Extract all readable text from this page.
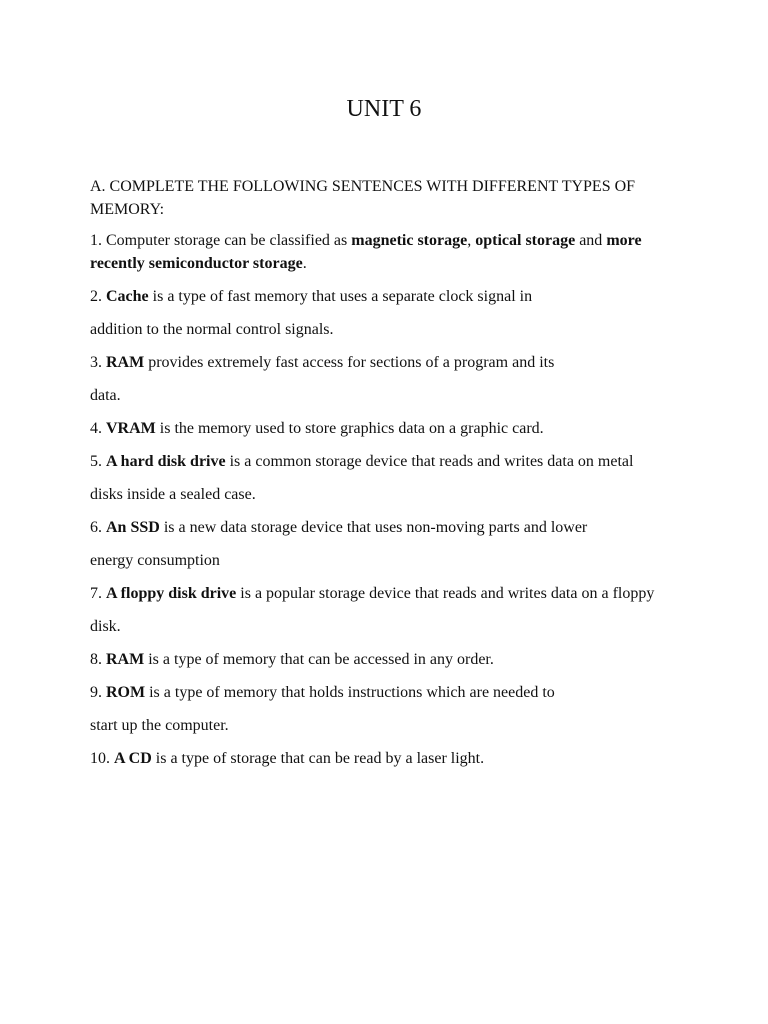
UNIT 6

A. COMPLETE THE FOLLOWING SENTENCES WITH DIFFERENT TYPES OF MEMORY:

1. Computer storage can be classified as magnetic storage, optical storage and more recently semiconductor storage.

2. Cache is a type of fast memory that uses a separate clock signal in
addition to the normal control signals.

3. RAM provides extremely fast access for sections of a program and its
data.

4. VRAM is the memory used to store graphics data on a graphic card.

5. A hard disk drive is a common storage device that reads and writes data on metal
disks inside a sealed case.

6. An SSD is a new data storage device that uses non-moving parts and lower
energy consumption

7. A floppy disk drive is a popular storage device that reads and writes data on a floppy
disk.

8. RAM is a type of memory that can be accessed in any order.

9. ROM is a type of memory that holds instructions which are needed to
start up the computer.

10. A CD is a type of storage that can be read by a laser light.
